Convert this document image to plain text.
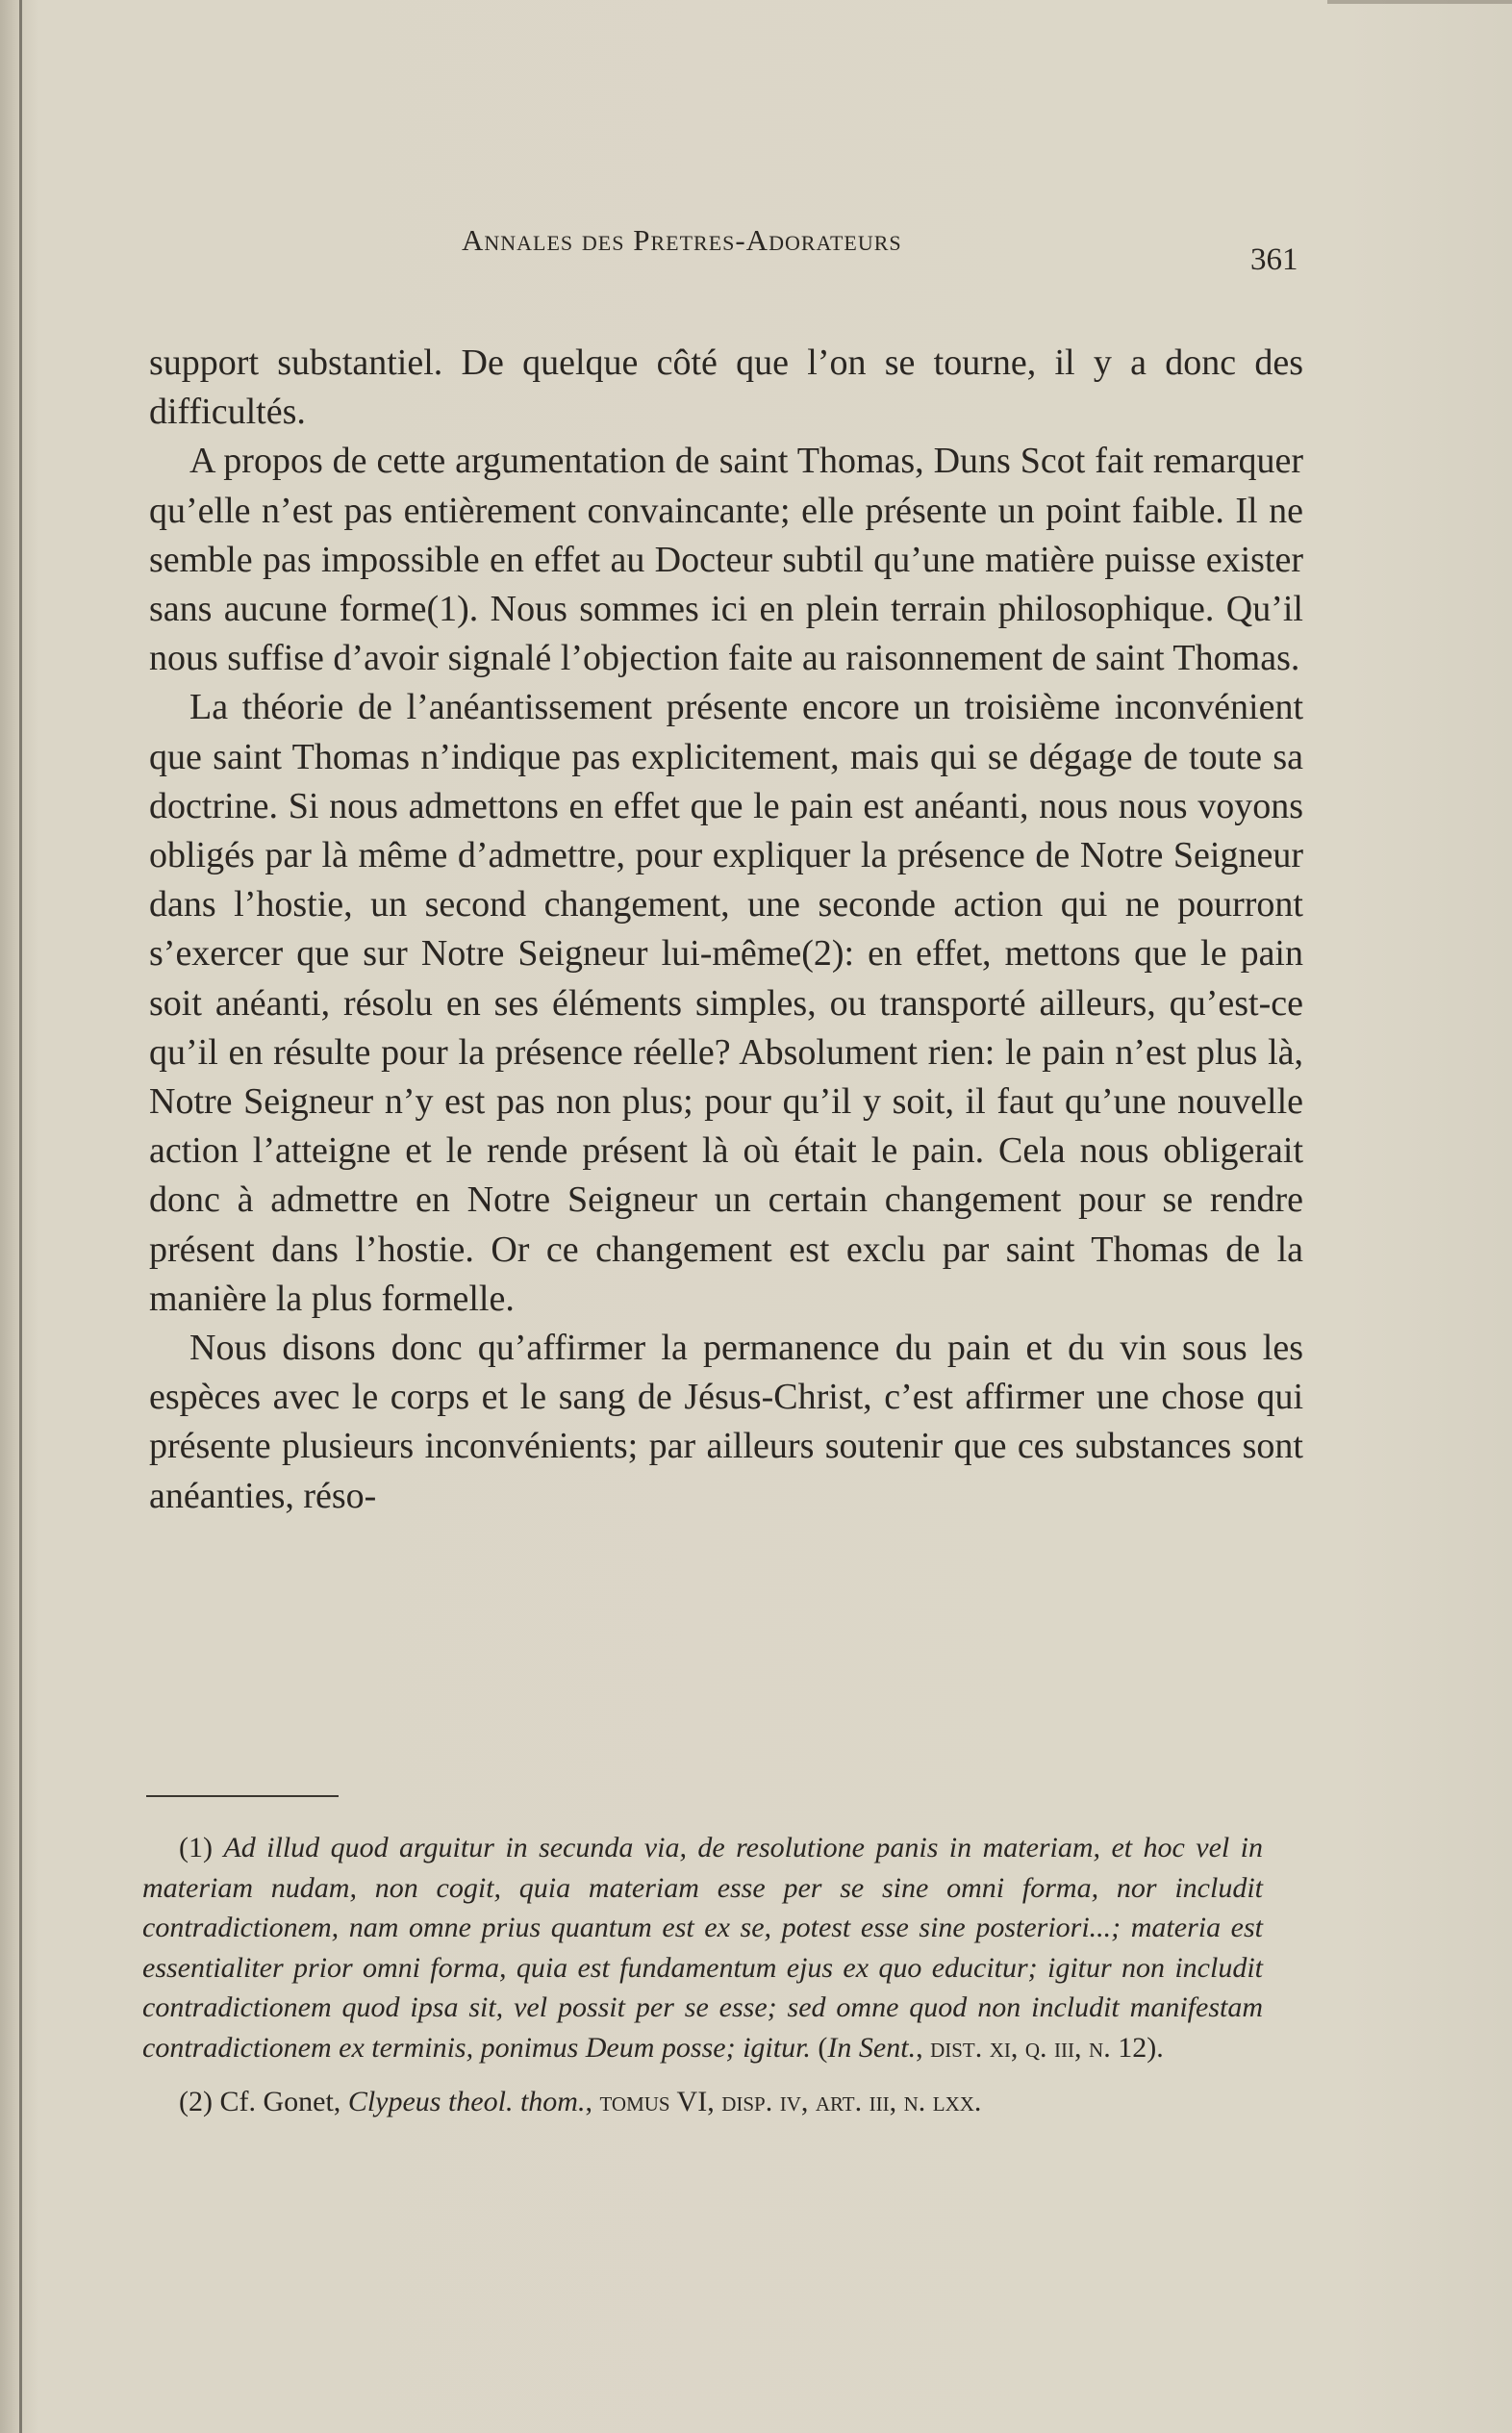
Annales des Pretres-Adorateurs
361

support substantiel. De quelque côté que l’on se tourne, il y a donc des difficultés.

A propos de cette argumentation de saint Thomas, Duns Scot fait remarquer qu’elle n’est pas entièrement convaincante; elle présente un point faible. Il ne semble pas impossible en effet au Docteur subtil qu’une matière puisse exister sans aucune forme(1). Nous sommes ici en plein terrain philosophique. Qu’il nous suffise d’avoir signalé l’objection faite au raisonnement de saint Thomas.

La théorie de l’anéantissement présente encore un troisième inconvénient que saint Thomas n’indique pas explicitement, mais qui se dégage de toute sa doctrine. Si nous admettons en effet que le pain est anéanti, nous nous voyons obligés par là même d’admettre, pour expliquer la présence de Notre Seigneur dans l’hostie, un second changement, une seconde action qui ne pourront s’exercer que sur Notre Seigneur lui-même(2): en effet, mettons que le pain soit anéanti, résolu en ses éléments simples, ou transporté ailleurs, qu’est-ce qu’il en résulte pour la présence réelle? Absolument rien: le pain n’est plus là, Notre Seigneur n’y est pas non plus; pour qu’il y soit, il faut qu’une nouvelle action l’atteigne et le rende présent là où était le pain. Cela nous obligerait donc à admettre en Notre Seigneur un certain changement pour se rendre présent dans l’hostie. Or ce changement est exclu par saint Thomas de la manière la plus formelle.

Nous disons donc qu’affirmer la permanence du pain et du vin sous les espèces avec le corps et le sang de Jésus-Christ, c’est affirmer une chose qui présente plusieurs inconvénients; par ailleurs soutenir que ces substances sont anéanties, réso-

(1) Ad illud quod arguitur in secunda via, de resolutione panis in materiam, et hoc vel in materiam nudam, non cogit, quia materiam esse per se sine omni forma, nor includit contradictionem, nam omne prius quantum est ex se, potest esse sine posteriori...; materia est essentialiter prior omni forma, quia est fundamentum ejus ex quo educitur; igitur non includit contradictionem quod ipsa sit, vel possit per se esse; sed omne quod non includit manifestam contradictionem ex terminis, ponimus Deum posse; igitur. (In Sent., dist. xi, q. iii, n. 12).

(2) Cf. Gonet, Clypeus theol. thom., tomus VI, disp. iv, art. iii, n. lxx.
